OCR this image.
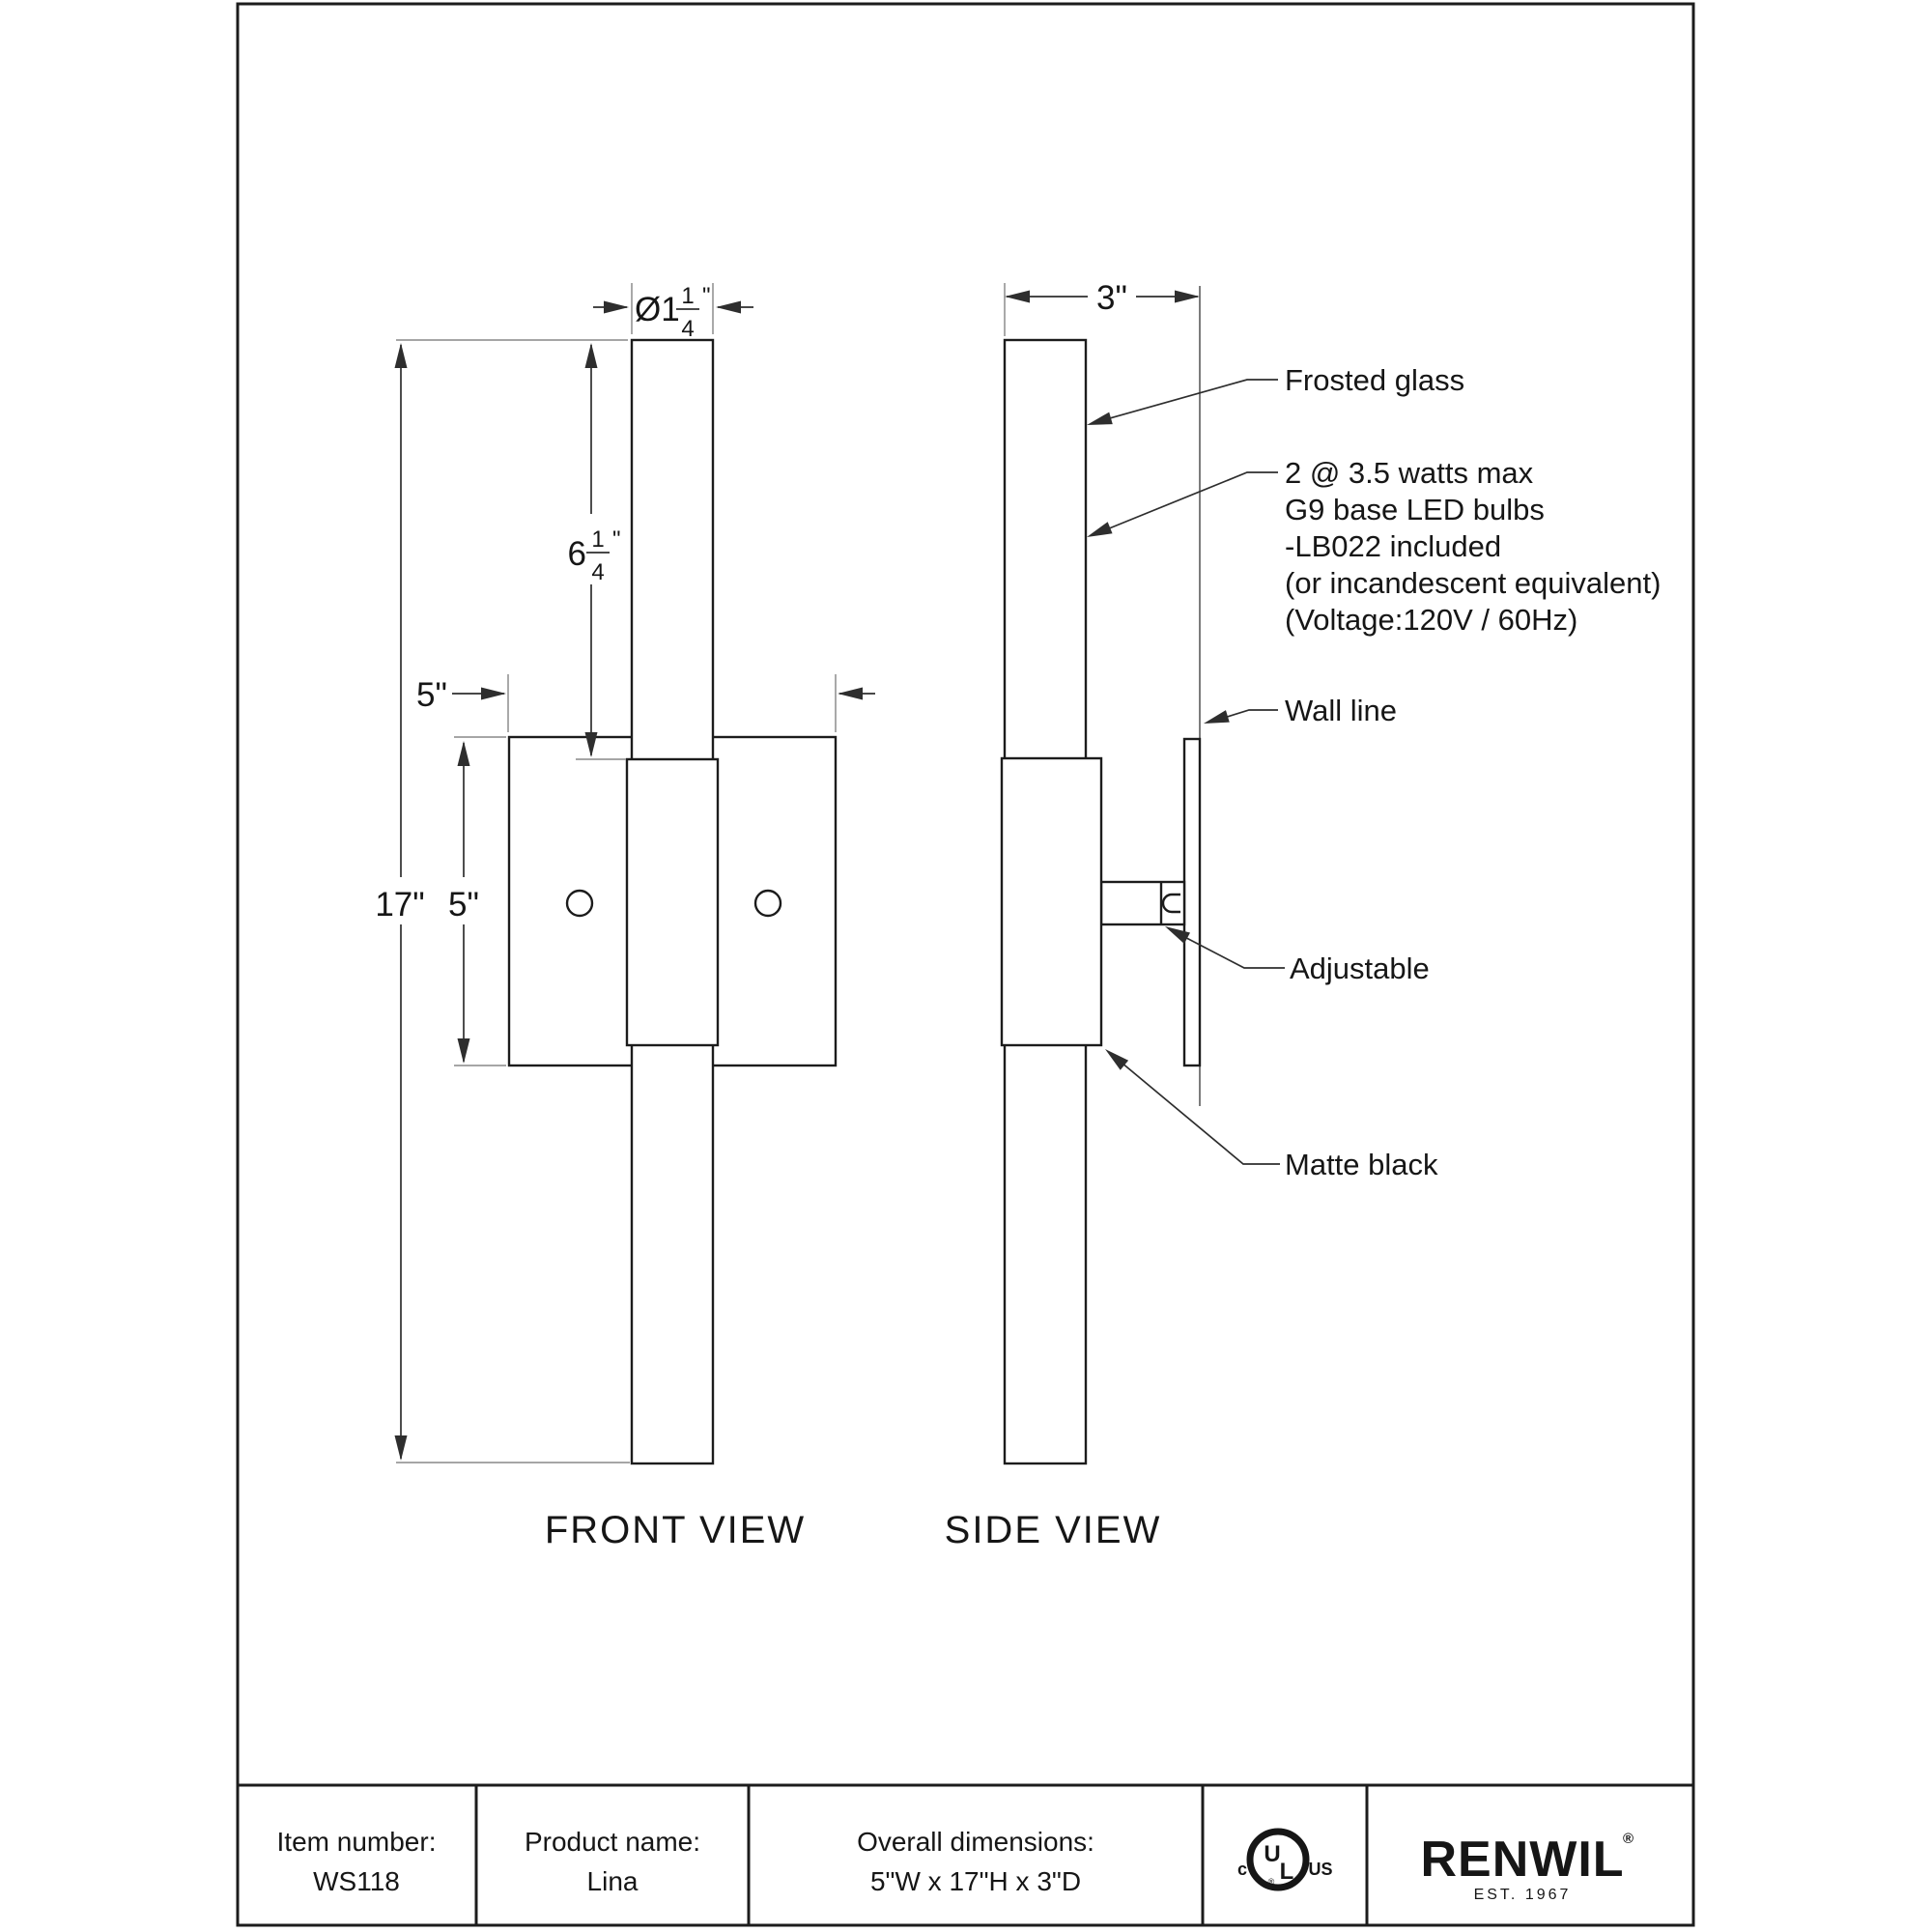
17" 5"
6 1
4
"
Ø1 1
4
"
5"
FRONT VIEW
3"
SIDE VIEW
Frosted glass
2 @ 3.5 watts max
G9 base LED bulbs
-LB022 included
(or incandescent equivalent)
(Voltage:120V / 60Hz)
Wall line
Adjustable
Matte black
Item number:
WS118
Product name:
Lina
Overall dimensions:
5"W x 17"H x 3"D
U
L
®
c	US RENWIL
®
EST. 1967
